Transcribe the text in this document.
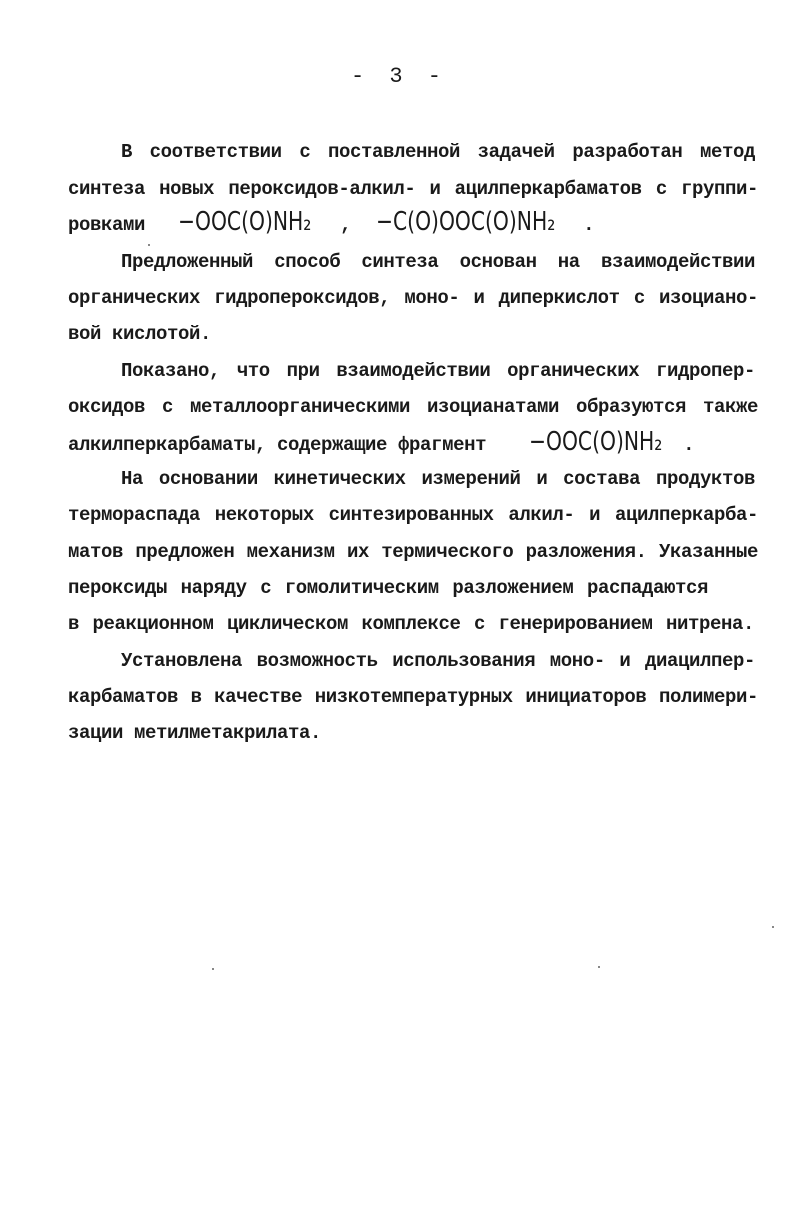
- 3 -
В соответствии с поставленной задачей разработан метод
синтеза новых пероксидов-алкил- и ацилперкарбаматов с группи-
ровками −OOC(O)NH₂ , −C(O)OOC(O)NH₂ .
Предложенный способ синтеза основан на взаимодействии
органических гидропероксидов, моно- и диперкислот с изоциано-
вой кислотой.
Показано, что при взаимодействии органических гидропер-
оксидов с металлоорганическими изоцианатами образуются также
алкилперкарбаматы, содержащие фрагмент −OOC(O)NH₂ .
На основании кинетических измерений и состава продуктов
терморaспада некоторых синтезированных алкил- и ацилперкарба-
матов предложен механизм их термического разложения. Указанные
пероксиды наряду с гомолитическим разложением распадаются
в реакционном циклическом комплексе с генерированием нитрена.
Установлена возможность использования моно- и диацилпер-
карбаматов в качестве низкотемпературных инициаторов полимери-
зации метилметакрилата.
